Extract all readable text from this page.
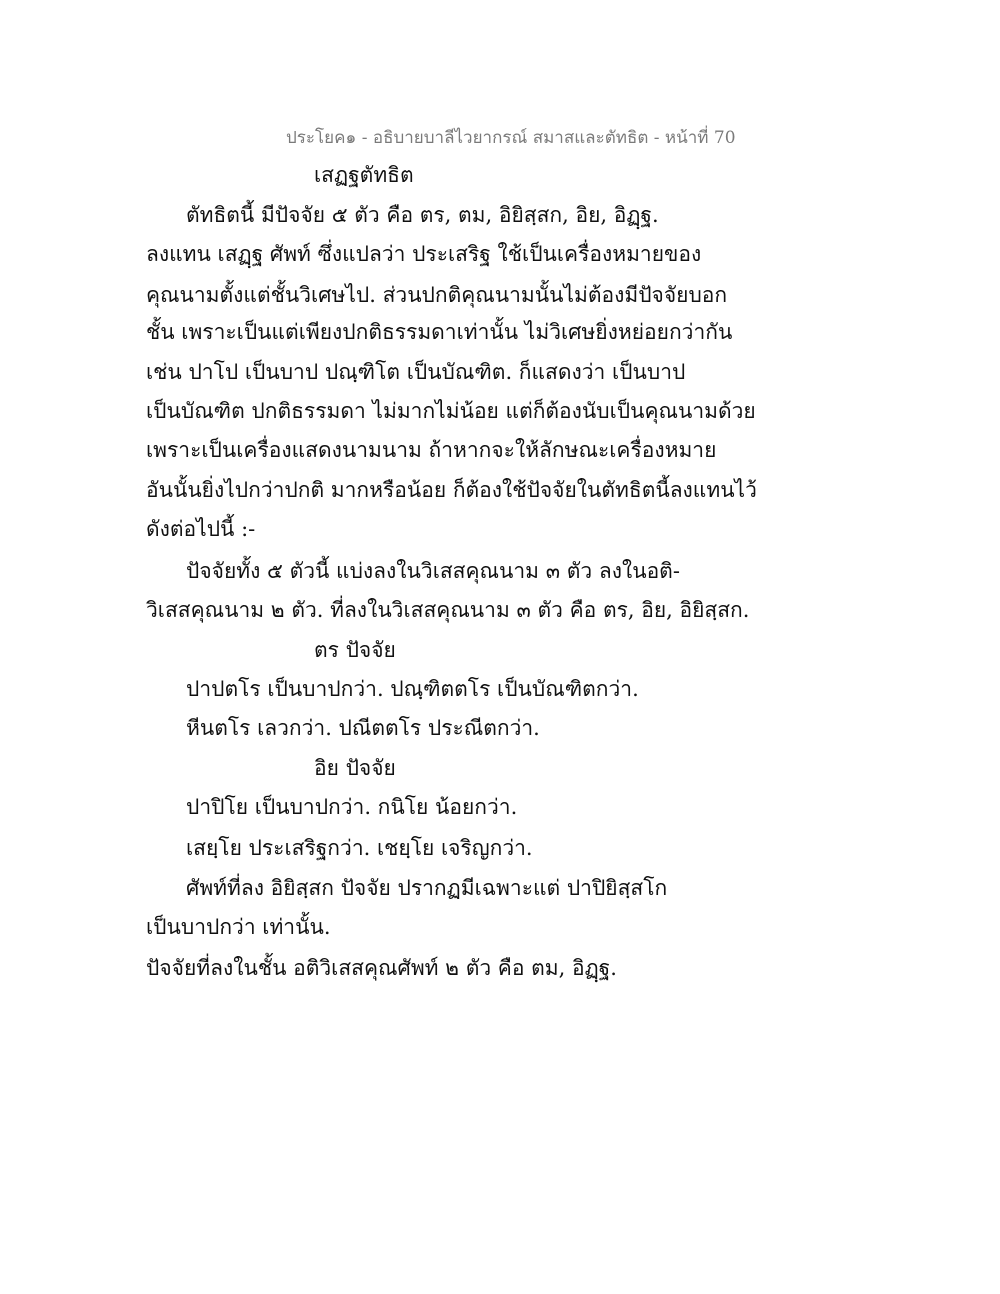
ประโยค๑ - อธิบายบาลีไวยากรณ์ สมาสและตัทธิต - หน้าที่ 70
เสฏฐตัทธิต
ตัทธิตนี้ มีปัจจัย ๕ ตัว คือ ตร, ตม, อิยิสฺสก, อิย, อิฏฺฐ.
ลงแทน เสฏฺฐ ศัพท์ ซึ่งแปลว่า ประเสริฐ ใช้เป็นเครื่องหมายของ
คุณนามตั้งแต่ชั้นวิเศษไป. ส่วนปกติคุณนามนั้นไม่ต้องมีปัจจัยบอก
ชั้น เพราะเป็นแต่เพียงปกติธรรมดาเท่านั้น ไม่วิเศษยิ่งหย่อยกว่ากัน
เช่น ปาโป เป็นบาป ปณฺฑิโต เป็นบัณฑิต. ก็แสดงว่า เป็นบาป
เป็นบัณฑิต ปกติธรรมดา ไม่มากไม่น้อย แต่ก็ต้องนับเป็นคุณนามด้วย
เพราะเป็นเครื่องแสดงนามนาม ถ้าหากจะให้ลักษณะเครื่องหมาย
อันนั้นยิ่งไปกว่าปกติ มากหรือน้อย ก็ต้องใช้ปัจจัยในตัทธิตนี้ลงแทนไว้
ดังต่อไปนี้ :-
ปัจจัยทั้ง ๕ ตัวนี้ แบ่งลงในวิเสสคุณนาม ๓ ตัว ลงในอติ-
วิเสสคุณนาม ๒ ตัว. ที่ลงในวิเสสคุณนาม ๓ ตัว คือ ตร, อิย, อิยิสฺสก.
ตร ปัจจัย
ปาปตโร เป็นบาปกว่า. ปณฺฑิตตโร เป็นบัณฑิตกว่า.
หีนตโร เลวกว่า. ปณีตตโร ประณีตกว่า.
อิย ปัจจัย
ปาปิโย เป็นบาปกว่า. กนิโย น้อยกว่า.
เสยฺโย ประเสริฐกว่า. เชยฺโย เจริญกว่า.
ศัพท์ที่ลง อิยิสฺสก ปัจจัย ปรากฏมีเฉพาะแต่ ปาปิยิสฺสโก
เป็นบาปกว่า เท่านั้น.
ปัจจัยที่ลงในชั้น อติวิเสสคุณศัพท์ ๒ ตัว คือ ตม, อิฏฺฐ.
